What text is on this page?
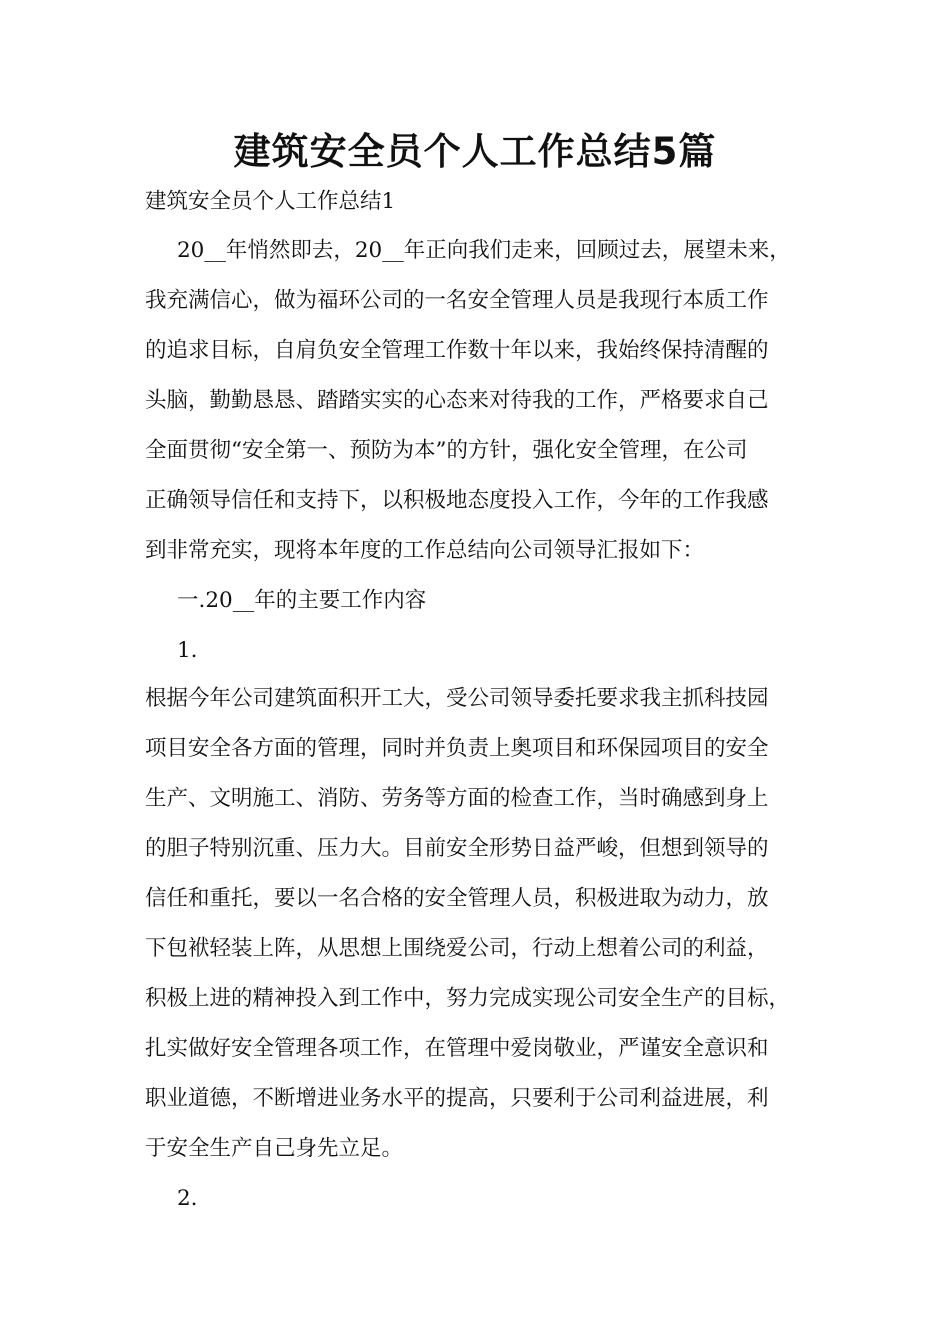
建筑安全员个人工作总结5篇

建筑安全员个人工作总结1

20__年悄然即去，20__年正向我们走来，回顾过去，展望未来，

我充满信心，做为福环公司的一名安全管理人员是我现行本质工作

的追求目标，自肩负安全管理工作数十年以来，我始终保持清醒的

头脑，勤勤恳恳、踏踏实实的心态来对待我的工作，严格要求自己

全面贯彻“安全第一、预防为本”的方针，强化安全管理，在公司

正确领导信任和支持下，以积极地态度投入工作，今年的工作我感

到非常充实，现将本年度的工作总结向公司领导汇报如下：

一.20__年的主要工作内容

1.

根据今年公司建筑面积开工大，受公司领导委托要求我主抓科技园

项目安全各方面的管理，同时并负责上奥项目和环保园项目的安全

生产、文明施工、消防、劳务等方面的检查工作，当时确感到身上

的胆子特别沉重、压力大。目前安全形势日益严峻，但想到领导的

信任和重托，要以一名合格的安全管理人员，积极进取为动力，放

下包袱轻装上阵，从思想上围绕爱公司，行动上想着公司的利益，

积极上进的精神投入到工作中，努力完成实现公司安全生产的目标，

扎实做好安全管理各项工作，在管理中爱岗敬业，严谨安全意识和

职业道德，不断增进业务水平的提高，只要利于公司利益进展，利

于安全生产自己身先立足。

2.
